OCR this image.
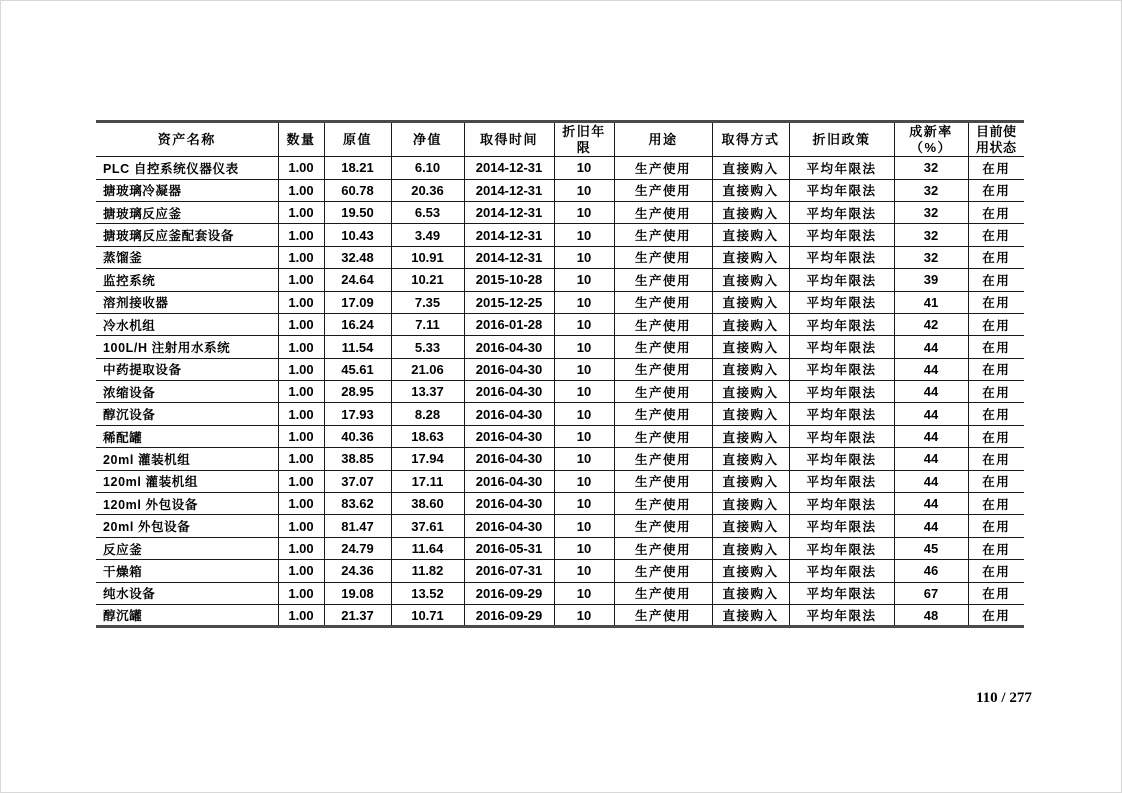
资产名称	数量	原值	净值	取得时间	折旧年限	用途	取得方式	折旧政策	成新率（%）	目前使用状态
PLC 自控系统仪器仪表	1.00	18.21	6.10	2014-12-31	10	生产使用	直接购入	平均年限法	32	在用
搪玻璃冷凝器	1.00	60.78	20.36	2014-12-31	10	生产使用	直接购入	平均年限法	32	在用
搪玻璃反应釜	1.00	19.50	6.53	2014-12-31	10	生产使用	直接购入	平均年限法	32	在用
搪玻璃反应釜配套设备	1.00	10.43	3.49	2014-12-31	10	生产使用	直接购入	平均年限法	32	在用
蒸馏釜	1.00	32.48	10.91	2014-12-31	10	生产使用	直接购入	平均年限法	32	在用
监控系统	1.00	24.64	10.21	2015-10-28	10	生产使用	直接购入	平均年限法	39	在用
溶剂接收器	1.00	17.09	7.35	2015-12-25	10	生产使用	直接购入	平均年限法	41	在用
冷水机组	1.00	16.24	7.11	2016-01-28	10	生产使用	直接购入	平均年限法	42	在用
100L/H 注射用水系统	1.00	11.54	5.33	2016-04-30	10	生产使用	直接购入	平均年限法	44	在用
中药提取设备	1.00	45.61	21.06	2016-04-30	10	生产使用	直接购入	平均年限法	44	在用
浓缩设备	1.00	28.95	13.37	2016-04-30	10	生产使用	直接购入	平均年限法	44	在用
醇沉设备	1.00	17.93	8.28	2016-04-30	10	生产使用	直接购入	平均年限法	44	在用
稀配罐	1.00	40.36	18.63	2016-04-30	10	生产使用	直接购入	平均年限法	44	在用
20ml 灌装机组	1.00	38.85	17.94	2016-04-30	10	生产使用	直接购入	平均年限法	44	在用
120ml 灌装机组	1.00	37.07	17.11	2016-04-30	10	生产使用	直接购入	平均年限法	44	在用
120ml 外包设备	1.00	83.62	38.60	2016-04-30	10	生产使用	直接购入	平均年限法	44	在用
20ml 外包设备	1.00	81.47	37.61	2016-04-30	10	生产使用	直接购入	平均年限法	44	在用
反应釜	1.00	24.79	11.64	2016-05-31	10	生产使用	直接购入	平均年限法	45	在用
干燥箱	1.00	24.36	11.82	2016-07-31	10	生产使用	直接购入	平均年限法	46	在用
纯水设备	1.00	19.08	13.52	2016-09-29	10	生产使用	直接购入	平均年限法	67	在用
醇沉罐	1.00	21.37	10.71	2016-09-29	10	生产使用	直接购入	平均年限法	48	在用
110 / 277
